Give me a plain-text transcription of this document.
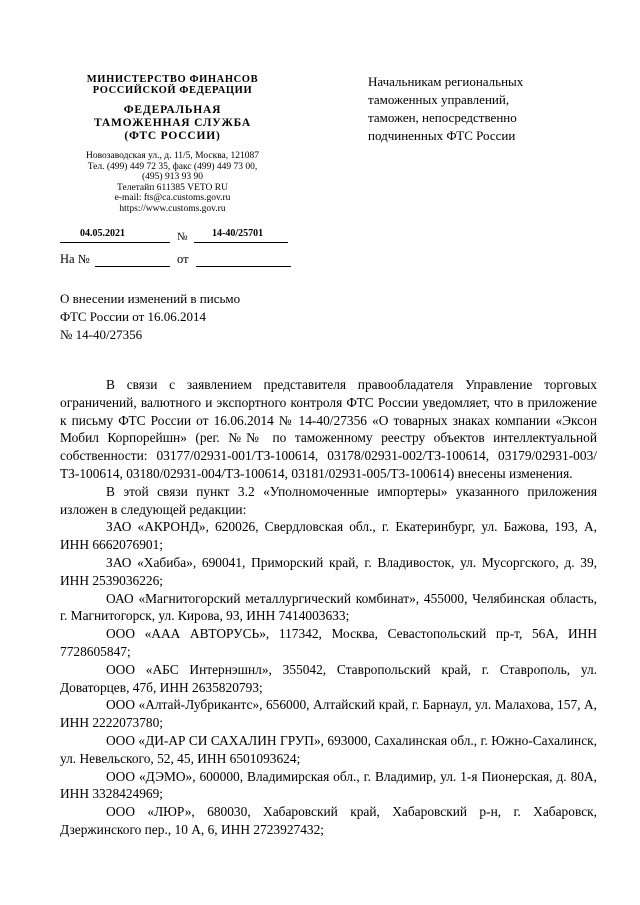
МИНИСТЕРСТВО ФИНАНСОВ
РОССИЙСКОЙ ФЕДЕРАЦИИ
ФЕДЕРАЛЬНАЯ
ТАМОЖЕННАЯ СЛУЖБА
(ФТС РОССИИ)
Новозаводская ул., д. 11/5, Москва, 121087
Тел. (499) 449 72 35, факс (499) 449 73 00,
(495) 913 93 90
Телетайп 611385 VETO RU
e-mail: fts@ca.customs.gov.ru
https://www.customs.gov.ru
04.05.2021	№ 14-40/25701
На №	от
Начальникам региональных
таможенных управлений,
таможен, непосредственно
подчиненных ФТС России
О внесении изменений в письмо
ФТС России от 16.06.2014
№ 14-40/27356

В связи с заявлением представителя правообладателя Управление торговых ограничений, валютного и экспортного контроля ФТС России уведомляет, что в приложение к письму ФТС России от 16.06.2014 № 14-40/27356 «О товарных знаках компании «Эксон Мобил Корпорейшн» (рег. №№ по таможенному реестру объектов интеллектуальной собственности: 03177/02931-001/ТЗ-100614, 03178/02931-002/ТЗ-100614, 03179/02931-003/ТЗ-100614, 03180/02931-004/ТЗ-100614, 03181/02931-005/ТЗ-100614) внесены изменения.

В этой связи пункт 3.2 «Уполномоченные импортеры» указанного приложения изложен в следующей редакции:

ЗАО «АКРОНД», 620026, Свердловская обл., г. Екатеринбург, ул. Бажова, 193, А, ИНН 6662076901;

ЗАО «Хабиба», 690041, Приморский край, г. Владивосток, ул. Мусоргского, д. 39, ИНН 2539036226;

ОАО «Магнитогорский металлургический комбинат», 455000, Челябинская область, г. Магнитогорск, ул. Кирова, 93, ИНН 7414003633;

ООО «ААА АВТОРУСЬ», 117342, Москва, Севастопольский пр-т, 56А, ИНН 7728605847;

ООО «АБС Интернэшнл», 355042, Ставропольский край, г. Ставрополь, ул. Доваторцев, 47б, ИНН 2635820793;

ООО «Алтай-Лубрикантс», 656000, Алтайский край, г. Барнаул, ул. Малахова, 157, А, ИНН 2222073780;

ООО «ДИ-АР СИ САХАЛИН ГРУП», 693000, Сахалинская обл., г. Южно-Сахалинск, ул. Невельского, 52, 45, ИНН 6501093624;

ООО «ДЭМО», 600000, Владимирская обл., г. Владимир, ул. 1-я Пионерская, д. 80А, ИНН 3328424969;

ООО «ЛЮР», 680030, Хабаровский край, Хабаровский р-н, г. Хабаровск, Дзержинского пер., 10 А, 6, ИНН 2723927432;
